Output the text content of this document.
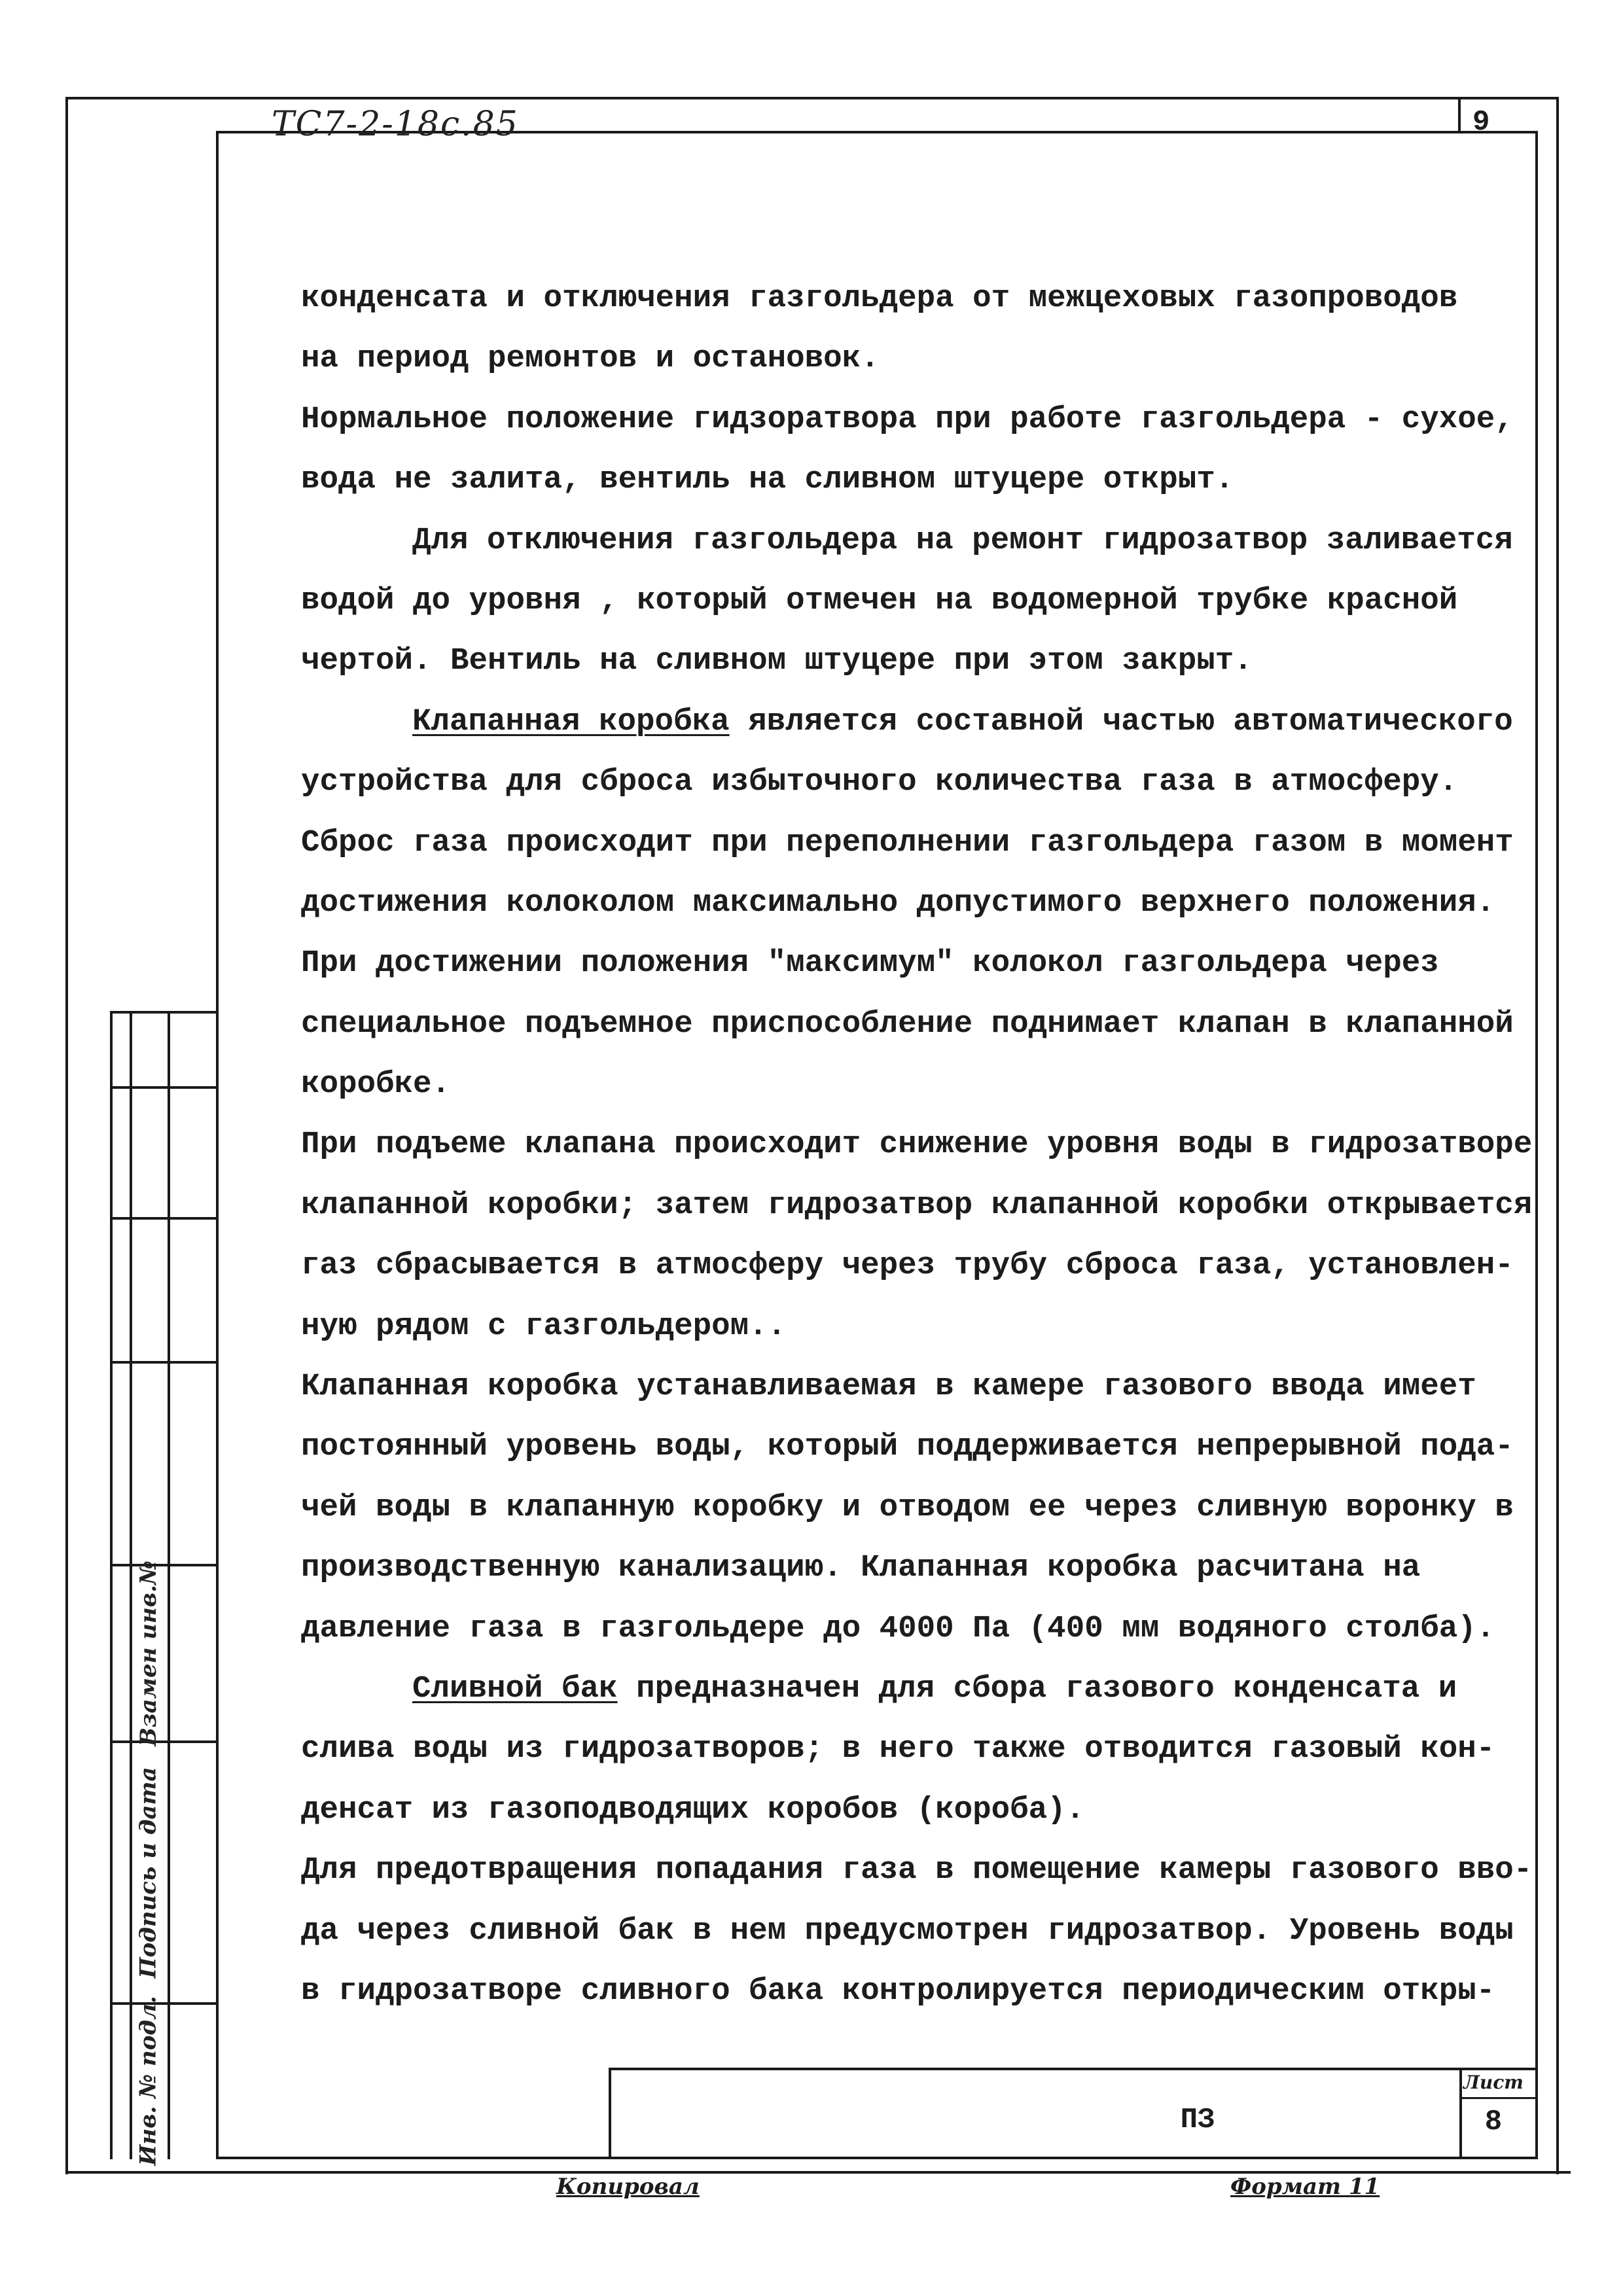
ТС7-2-18с.85	9
конденсата и отключения газгольдера от межцеховых газопроводов
на период ремонтов и остановок.
Нормальное положение гидзоратвора при работе газгольдера - сухое,
вода не залита, вентиль на сливном штуцере открыт.
Для отключения газгольдера на ремонт гидрозатвор заливается
водой до уровня , который отмечен на водомерной трубке красной
чертой. Вентиль на сливном штуцере при этом закрыт.
Клапанная коробка является составной частью автоматического
устройства для сброса избыточного количества газа в атмосферу.
Сброс газа происходит при переполнении газгольдера газом в момент
достижения колоколом максимально допустимого верхнего положения.
При достижении положения "максимум" колокол газгольдера через
специальное подъемное приспособление поднимает клапан в клапанной
коробке.
При подъеме клапана происходит снижение уровня воды в гидрозатворе
клапанной коробки; затем гидрозатвор клапанной коробки открывается
газ сбрасывается в атмосферу через трубу сброса газа, установлен-
ную рядом с газгольдером..
Клапанная коробка устанавливаемая в камере газового ввода имеет
постоянный уровень воды, который поддерживается непрерывной пода-
чей воды в клапанную коробку и отводом ее через сливную воронку в
производственную канализацию. Клапанная коробка расчитана на
давление газа в газгольдере до 4000 Па (400 мм водяного столба).
Сливной бак предназначен для сбора газового конденсата и
слива воды из гидрозатворов; в него также отводится газовый кон-
денсат из газоподводящих коробов (короба).
Для предотвращения попадания газа в помещение камеры газового вво-
да через сливной бак в нем предусмотрен гидрозатвор. Уровень воды
в гидрозатворе сливного бака контролируется периодическим откры-
Взамен инв.№
Подпись и дата
Инв. № подл.	ПЗ
Лист
8
Копировал	Формат 11
